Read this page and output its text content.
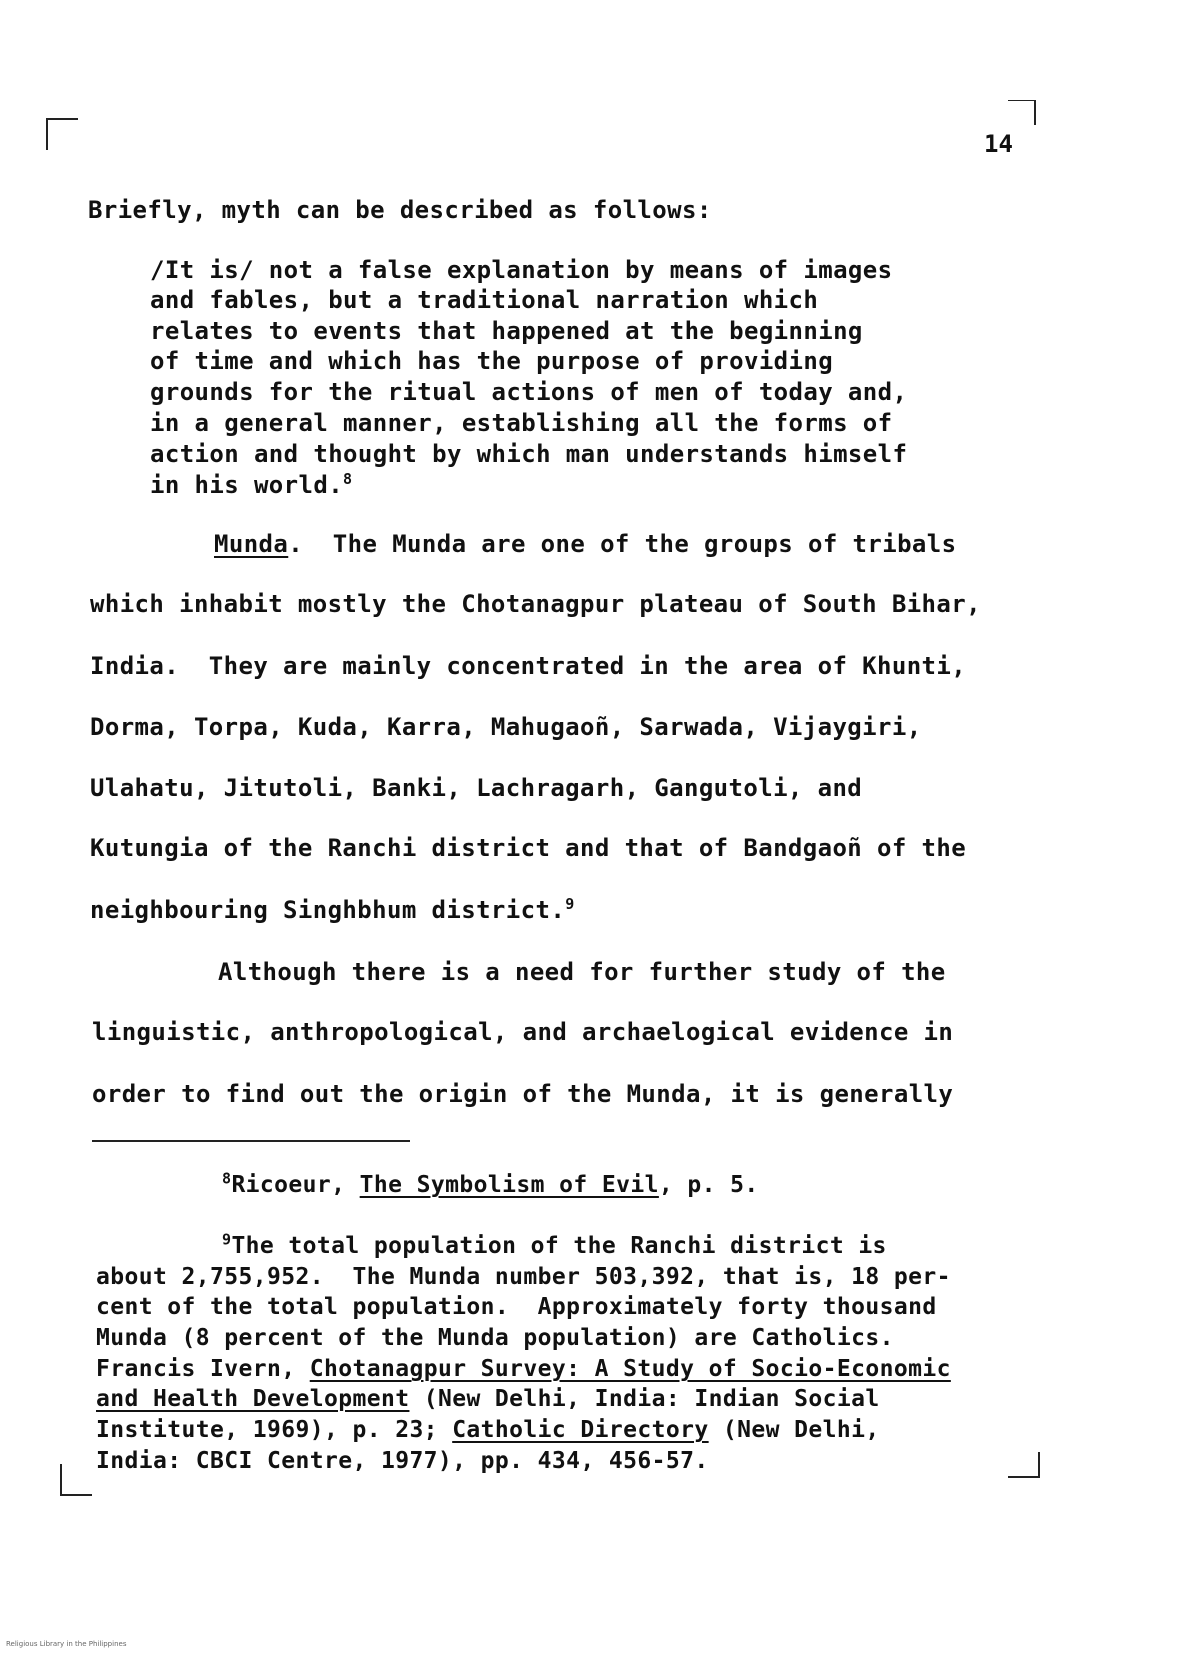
14
Briefly, myth can be described as follows:
/It is/ not a false explanation by means of images
and fables, but a traditional narration which
relates to events that happened at the beginning
of time and which has the purpose of providing
grounds for the ritual actions of men of today and,
in a general manner, establishing all the forms of
action and thought by which man understands himself
in his world.$^8$
Munda.  The Munda are one of the groups of tribals
which inhabit mostly the Chotanagpur plateau of South Bihar,
India.  They are mainly concentrated in the area of Khunti,
Dorma, Torpa, Kuda, Karra, Mahugaoñ, Sarwada, Vijaygiri,
Ulahatu, Jitutoli, Banki, Lachragarh, Gangutoli, and
Kutungia of the Ranchi district and that of Bandgaoñ of the
neighbouring Singhbhum district.$^9$
Although there is a need for further study of the
linguistic, anthropological, and archaelogical evidence in
order to find out the origin of the Munda, it is generally
$^8$Ricoeur, The Symbolism of Evil, p. 5.
$^9$The total population of the Ranchi district is
about 2,755,952.  The Munda number 503,392, that is, 18 per-
cent of the total population.  Approximately forty thousand
Munda (8 percent of the Munda population) are Catholics.
Francis Ivern, Chotanagpur Survey: A Study of Socio-Economic
and Health Development (New Delhi, India: Indian Social
Institute, 1969), p. 23; Catholic Directory (New Delhi,
India: CBCI Centre, 1977), pp. 434, 456-57.
Religious Library in the Philippines
